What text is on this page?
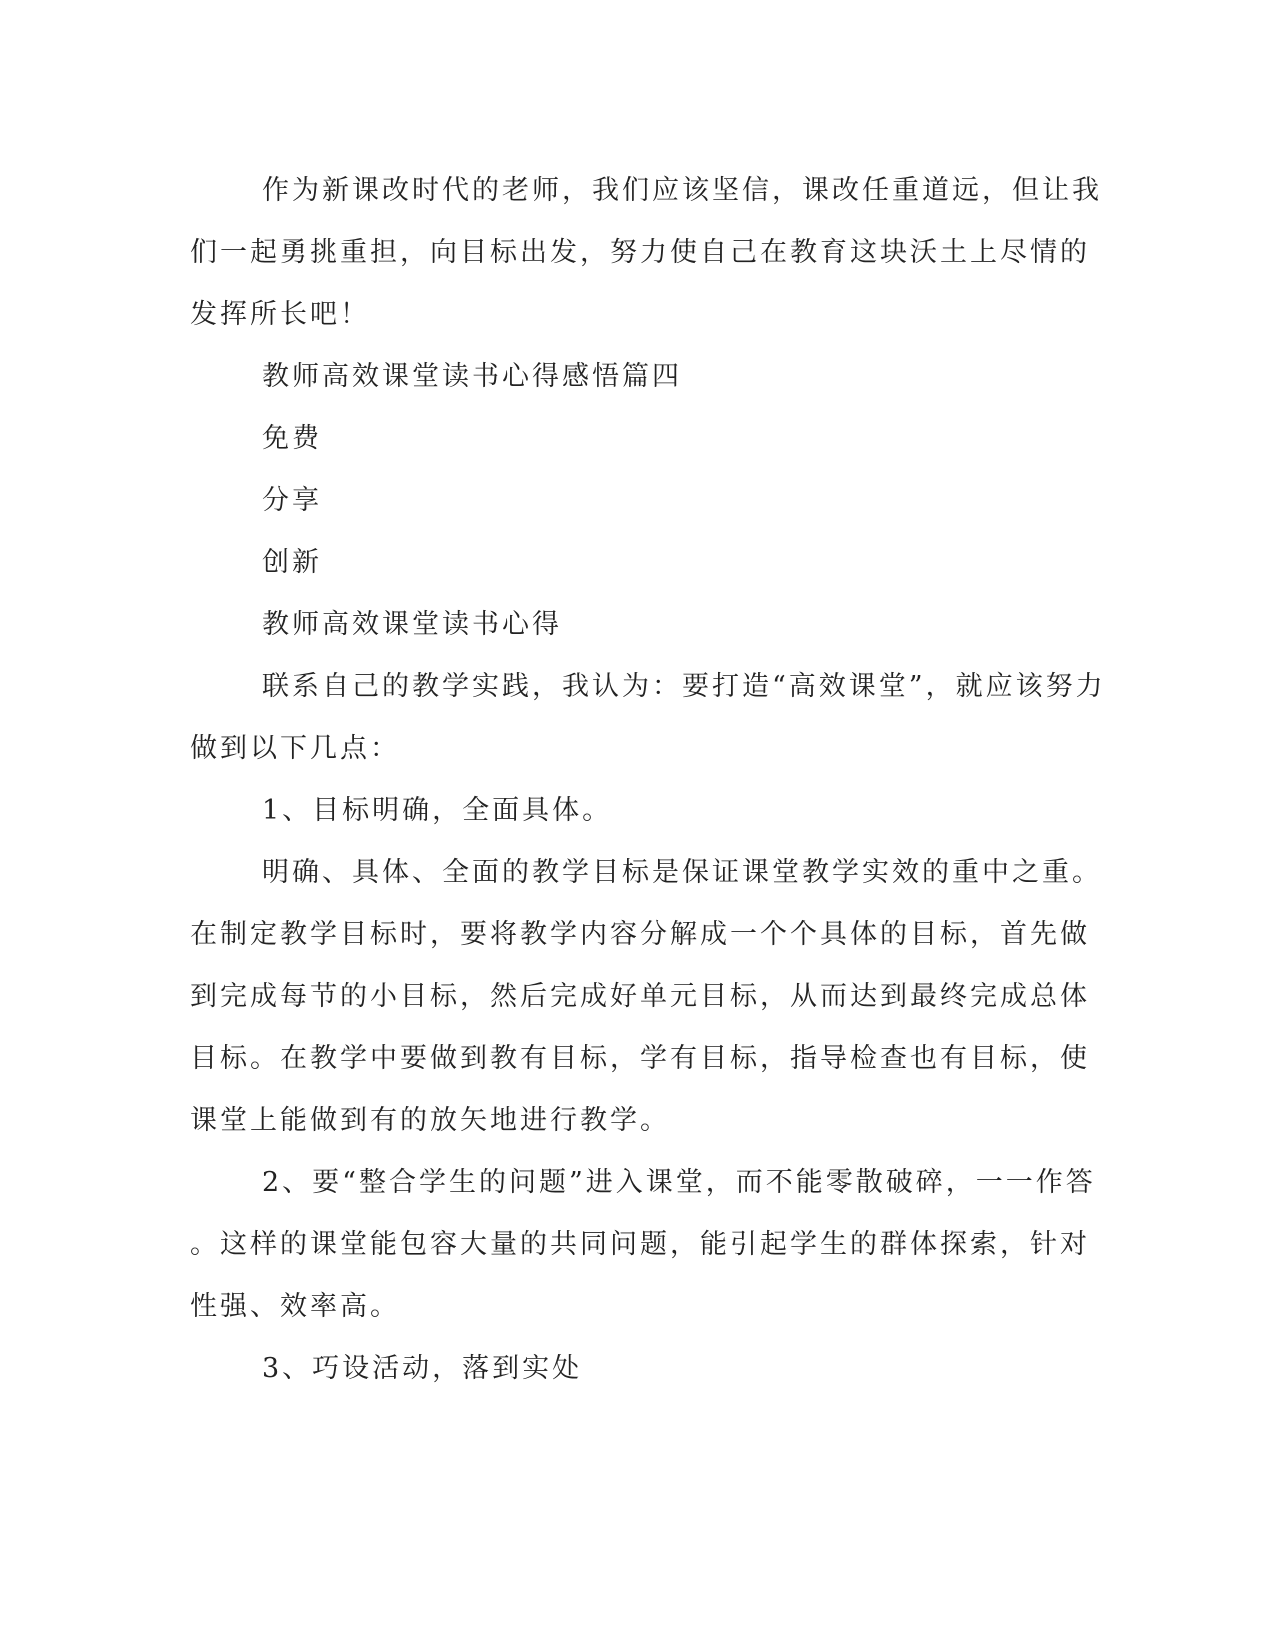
作为新课改时代的老师，我们应该坚信，课改任重道远，但让我
们一起勇挑重担，向目标出发，努力使自己在教育这块沃土上尽情的
发挥所长吧！
教师高效课堂读书心得感悟篇四
免费
分享
创新
教师高效课堂读书心得
联系自己的教学实践，我认为：要打造“高效课堂”，就应该努力
做到以下几点：
1、目标明确，全面具体。
明确、具体、全面的教学目标是保证课堂教学实效的重中之重。
在制定教学目标时，要将教学内容分解成一个个具体的目标，首先做
到完成每节的小目标，然后完成好单元目标，从而达到最终完成总体
目标。在教学中要做到教有目标，学有目标，指导检查也有目标，使
课堂上能做到有的放矢地进行教学。
2、要“整合学生的问题”进入课堂，而不能零散破碎，一一作答
。这样的课堂能包容大量的共同问题，能引起学生的群体探索，针对
性强、效率高。
3、巧设活动，落到实处
